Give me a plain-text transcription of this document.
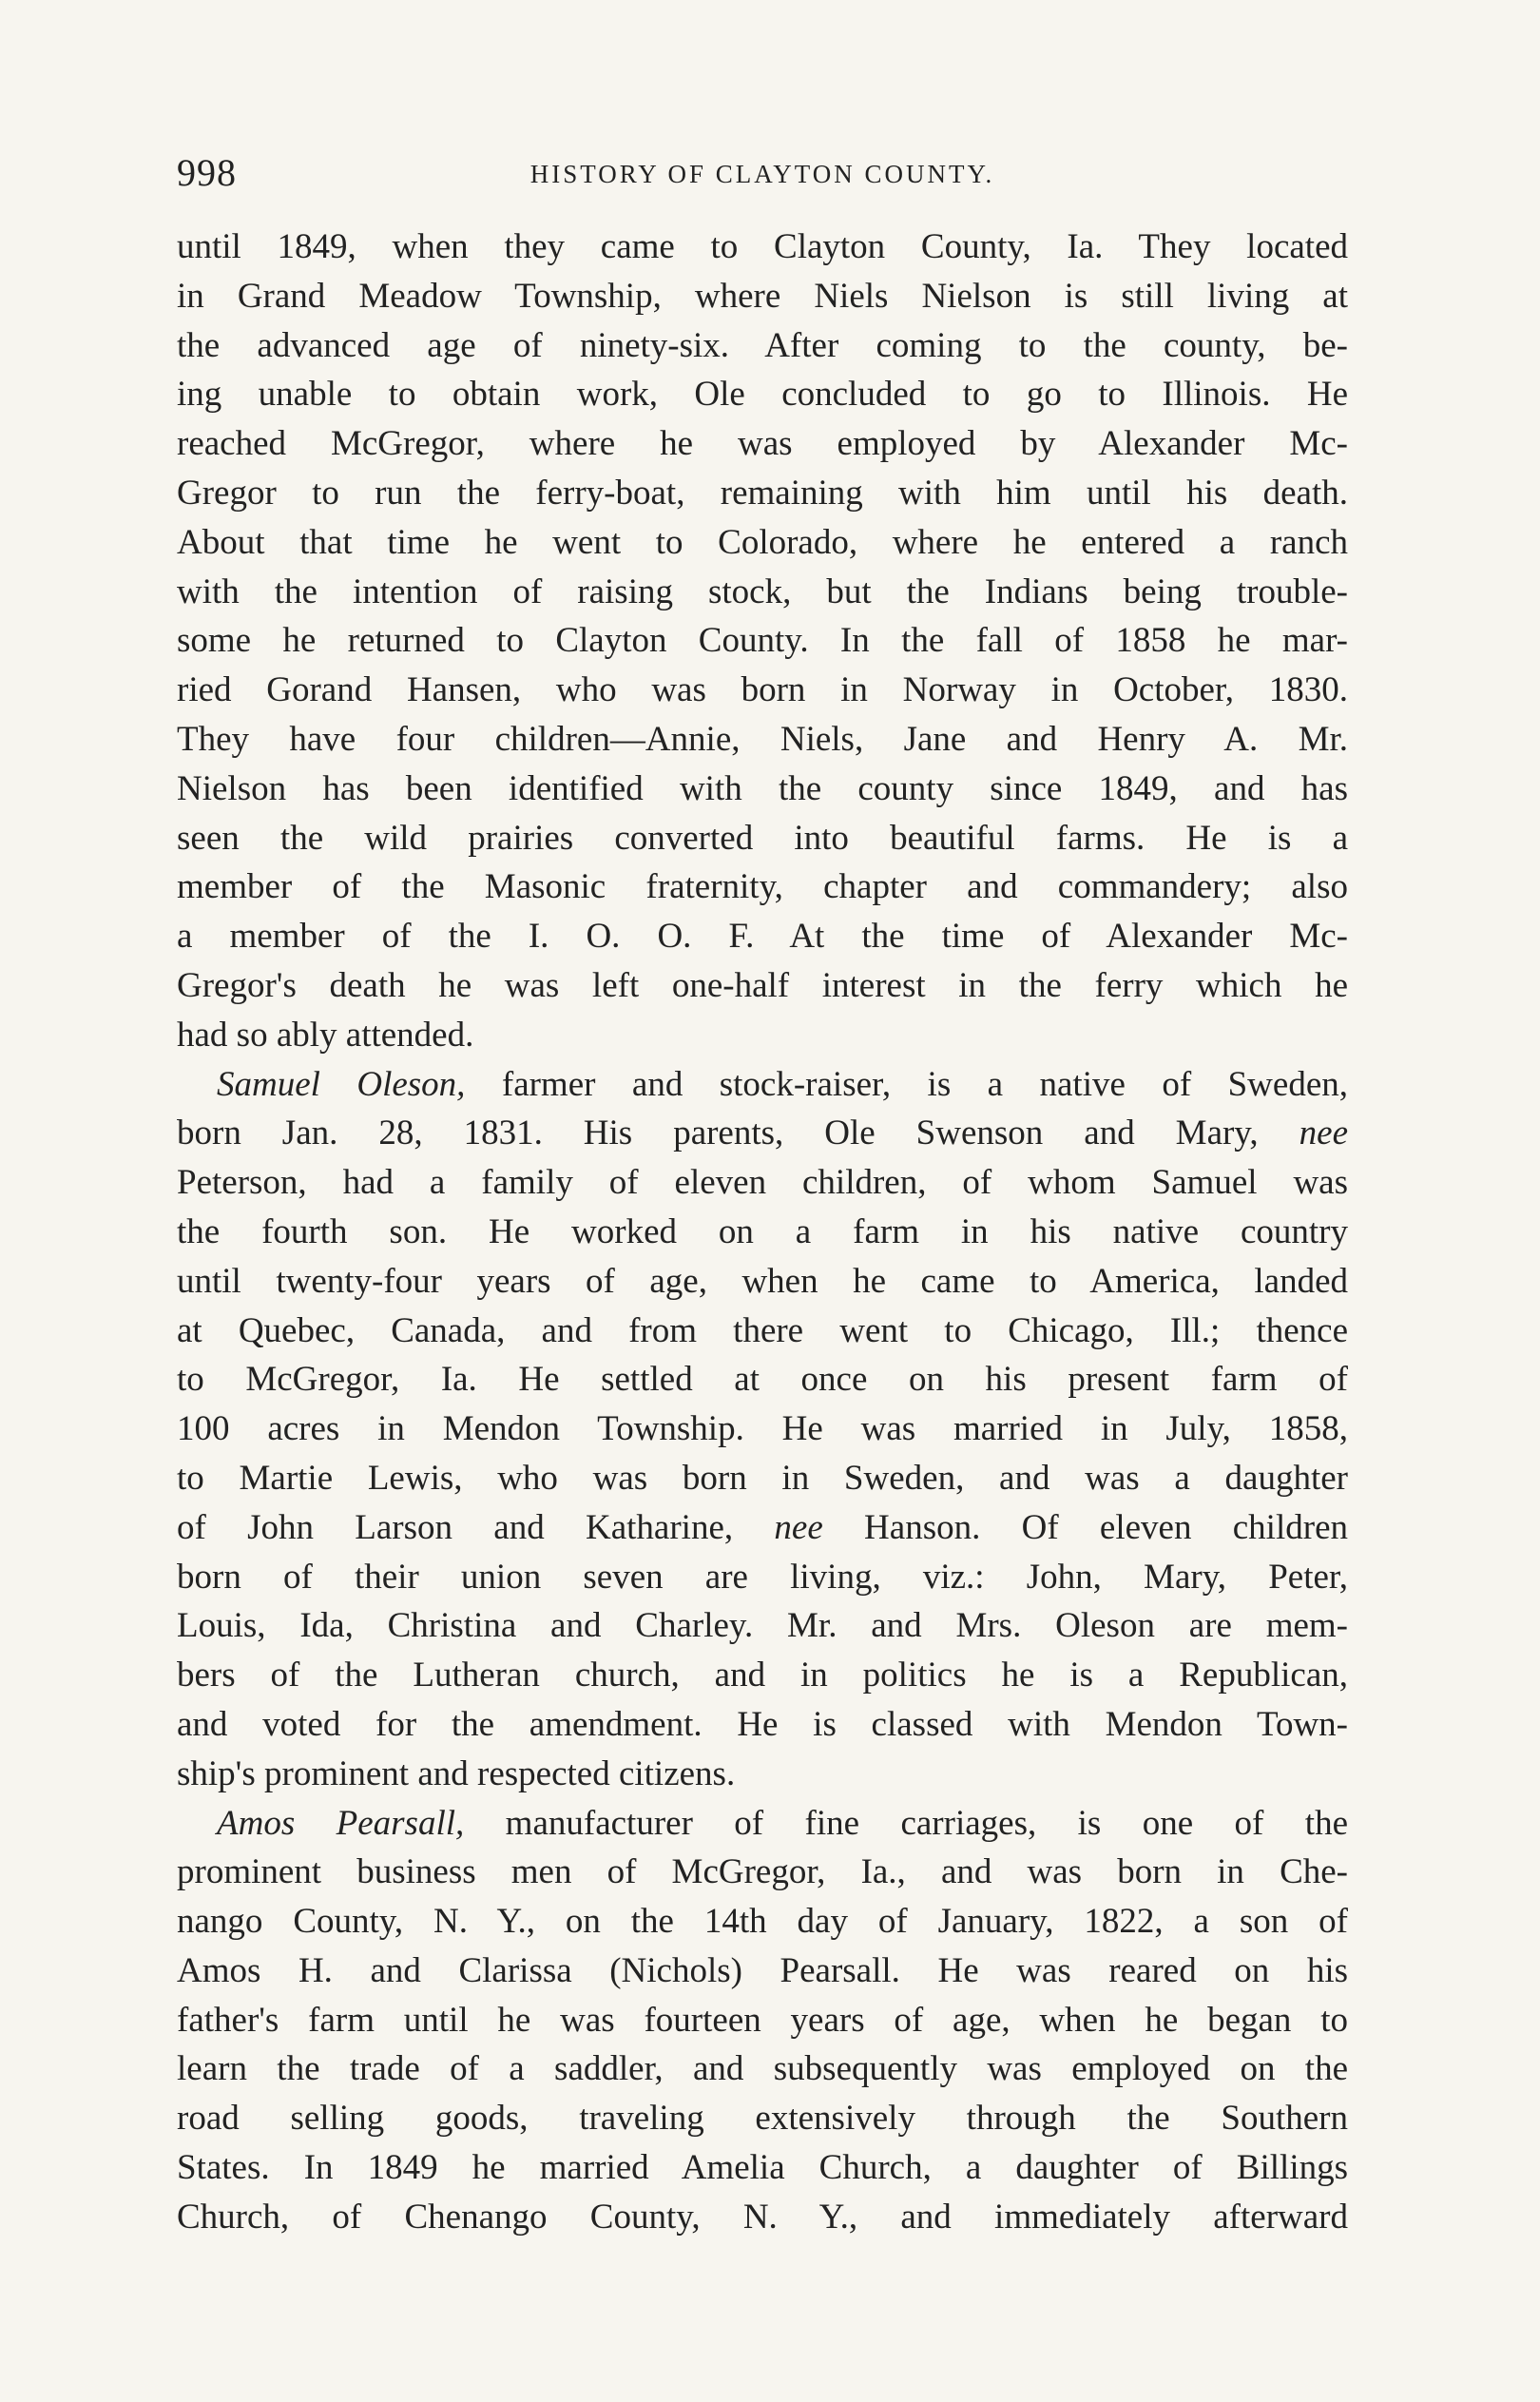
998	HISTORY OF CLAYTON COUNTY.
until 1849, when they came to Clayton County, Ia. They located
in Grand Meadow Township, where Niels Nielson is still living at
the advanced age of ninety-six. After coming to the county, be-
ing unable to obtain work, Ole concluded to go to Illinois. He
reached McGregor, where he was employed by Alexander Mc-
Gregor to run the ferry-boat, remaining with him until his death.
About that time he went to Colorado, where he entered a ranch
with the intention of raising stock, but the Indians being trouble-
some he returned to Clayton County. In the fall of 1858 he mar-
ried Gorand Hansen, who was born in Norway in October, 1830.
They have four children—Annie, Niels, Jane and Henry A. Mr.
Nielson has been identified with the county since 1849, and has
seen the wild prairies converted into beautiful farms. He is a
member of the Masonic fraternity, chapter and commandery; also
a member of the I. O. O. F. At the time of Alexander Mc-
Gregor's death he was left one-half interest in the ferry which he
had so ably attended.
Samuel Oleson, farmer and stock-raiser, is a native of Sweden,
born Jan. 28, 1831. His parents, Ole Swenson and Mary, nee
Peterson, had a family of eleven children, of whom Samuel was
the fourth son. He worked on a farm in his native country
until twenty-four years of age, when he came to America, landed
at Quebec, Canada, and from there went to Chicago, Ill.; thence
to McGregor, Ia. He settled at once on his present farm of
100 acres in Mendon Township. He was married in July, 1858,
to Martie Lewis, who was born in Sweden, and was a daughter
of John Larson and Katharine, nee Hanson. Of eleven children
born of their union seven are living, viz.: John, Mary, Peter,
Louis, Ida, Christina and Charley. Mr. and Mrs. Oleson are mem-
bers of the Lutheran church, and in politics he is a Republican,
and voted for the amendment. He is classed with Mendon Town-
ship's prominent and respected citizens.
Amos Pearsall, manufacturer of fine carriages, is one of the
prominent business men of McGregor, Ia., and was born in Che-
nango County, N. Y., on the 14th day of January, 1822, a son of
Amos H. and Clarissa (Nichols) Pearsall. He was reared on his
father's farm until he was fourteen years of age, when he began to
learn the trade of a saddler, and subsequently was employed on the
road selling goods, traveling extensively through the Southern
States. In 1849 he married Amelia Church, a daughter of Billings
Church, of Chenango County, N. Y., and immediately afterward
